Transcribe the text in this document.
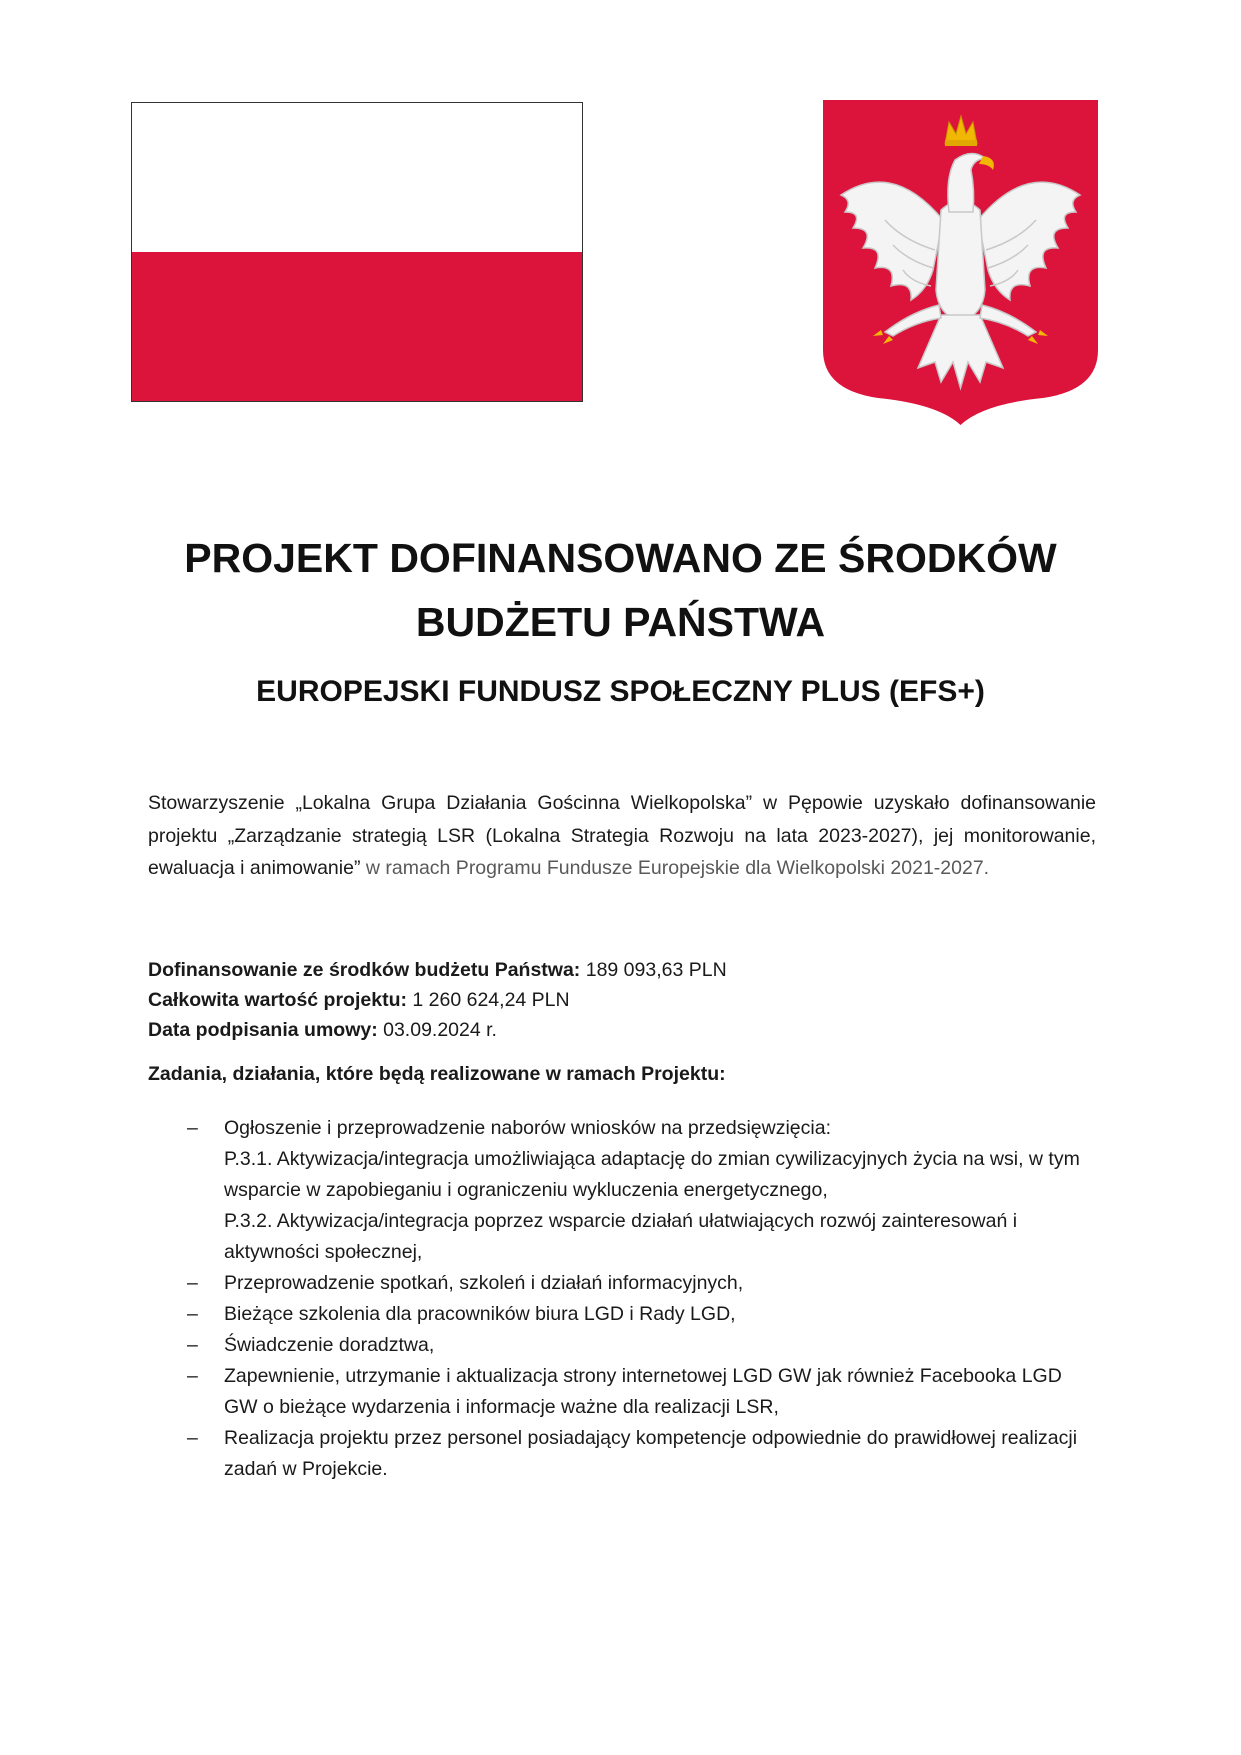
PROJEKT DOFINANSOWANO ZE ŚRODKÓW
BUDŻETU PAŃSTWA
EUROPEJSKI FUNDUSZ SPOŁECZNY PLUS (EFS+)
Stowarzyszenie „Lokalna Grupa Działania Gościnna Wielkopolska” w Pępowie uzyskało dofinansowanie projektu „Zarządzanie strategią LSR (Lokalna Strategia Rozwoju na lata 2023-2027), jej monitorowanie, ewaluacja i animowanie” w ramach Programu Fundusze Europejskie dla Wielkopolski 2021-2027.
Dofinansowanie ze środków budżetu Państwa: 189 093,63 PLN
Całkowita wartość projektu: 1 260 624,24 PLN
Data podpisania umowy: 03.09.2024 r.
Zadania, działania, które będą realizowane w ramach Projektu:
– Ogłoszenie i przeprowadzenie naborów wniosków na przedsięwzięcia:
P.3.1. Aktywizacja/integracja umożliwiająca adaptację do zmian cywilizacyjnych życia na wsi, w tym wsparcie w zapobieganiu i ograniczeniu wykluczenia energetycznego,
P.3.2. Aktywizacja/integracja poprzez wsparcie działań ułatwiających rozwój zainteresowań i aktywności społecznej,
– Przeprowadzenie spotkań, szkoleń i działań informacyjnych,
– Bieżące szkolenia dla pracowników biura LGD i Rady LGD,
– Świadczenie doradztwa,
– Zapewnienie, utrzymanie i aktualizacja strony internetowej LGD GW jak również Facebooka LGD GW o bieżące wydarzenia i informacje ważne dla realizacji LSR,
– Realizacja projektu przez personel posiadający kompetencje odpowiednie do prawidłowej realizacji zadań w Projekcie.
